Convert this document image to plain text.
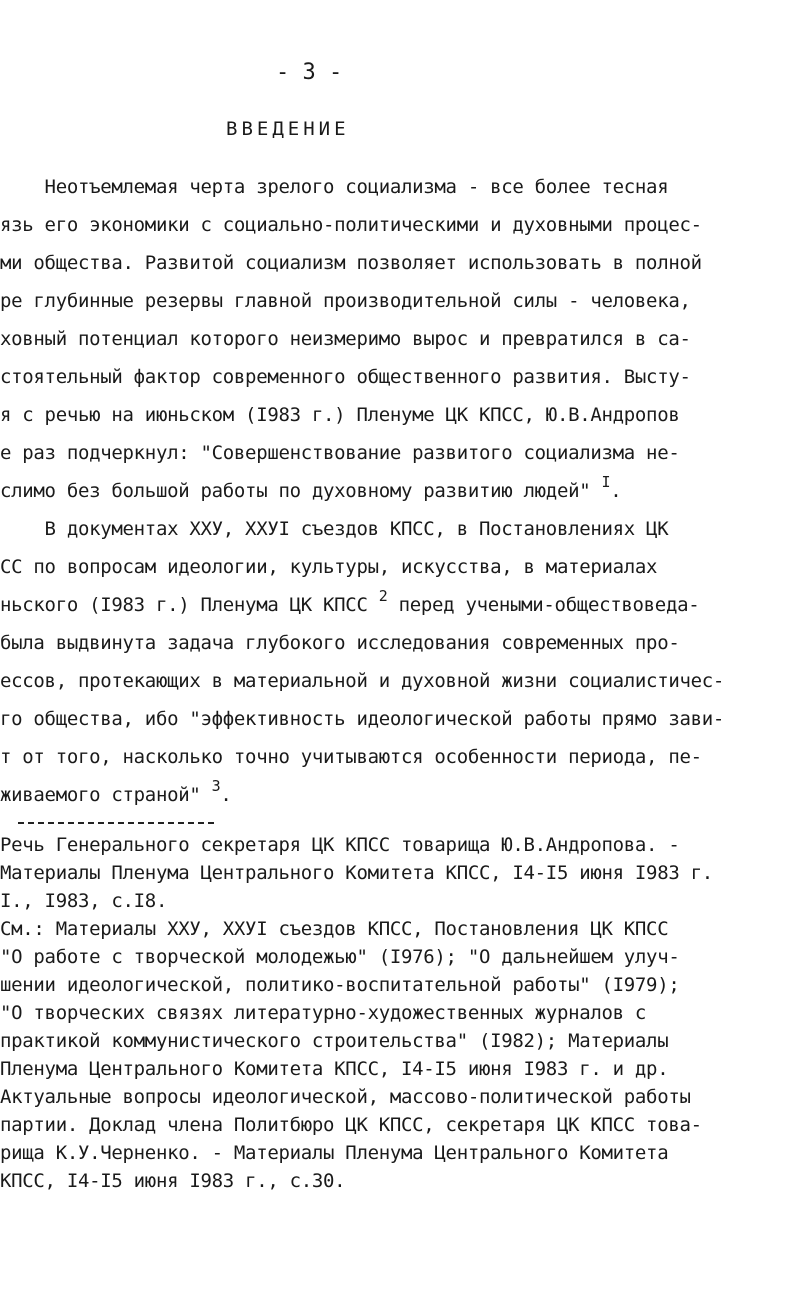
- 3 -
ВВЕДЕНИЕ
Неотъемлемая черта зрелого социализма - все более тесная
язь его экономики с социально-политическими и духовными процес-
ми общества. Развитой социализм позволяет использовать в полной
ре глубинные резервы главной производительной силы - человека,
ховный потенциал которого неизмеримо вырос и превратился в са-
стоятельный фактор современного общественного развития. Высту-
я с речью на июньском (I983 г.) Пленуме ЦК КПСС, Ю.В.Андропов
е раз подчеркнул: "Совершенствование развитого социализма не-
слимо без большой работы по духовному развитию людей" $^I$.
В документах XXУ, XXУI съездов КПСС, в Постановлениях ЦК
СС по вопросам идеологии, культуры, искусства, в материалах
ньского (I983 г.) Пленума ЦК КПСС $^2$ перед учеными-обществоведа-
была выдвинута задача глубокого исследования современных про-
ессов, протекающих в материальной и духовной жизни социалистичес-
го общества, ибо "эффективность идеологической работы прямо зави-
т от того, насколько точно учитываются особенности периода, пе-
живаемого страной" $^3$.
Речь Генерального секретаря ЦК КПСС товарища Ю.В.Андропова. -
Материалы Пленума Центрального Комитета КПСС, I4-I5 июня I983 г.
I., I983, с.I8.
См.: Материалы XXУ, XXУI съездов КПСС, Постановления ЦК КПСС
"О работе с творческой молодежью" (I976); "О дальнейшем улуч-
шении идеологической, политико-воспитательной работы" (I979);
"О творческих связях литературно-художественных журналов с
практикой коммунистического строительства" (I982); Материалы
Пленума Центрального Комитета КПСС, I4-I5 июня I983 г. и др.
Актуальные вопросы идеологической, массово-политической работы
партии. Доклад члена Политбюро ЦК КПСС, секретаря ЦК КПСС това-
рища К.У.Черненко. - Материалы Пленума Центрального Комитета
КПСС, I4-I5 июня I983 г., с.30.
